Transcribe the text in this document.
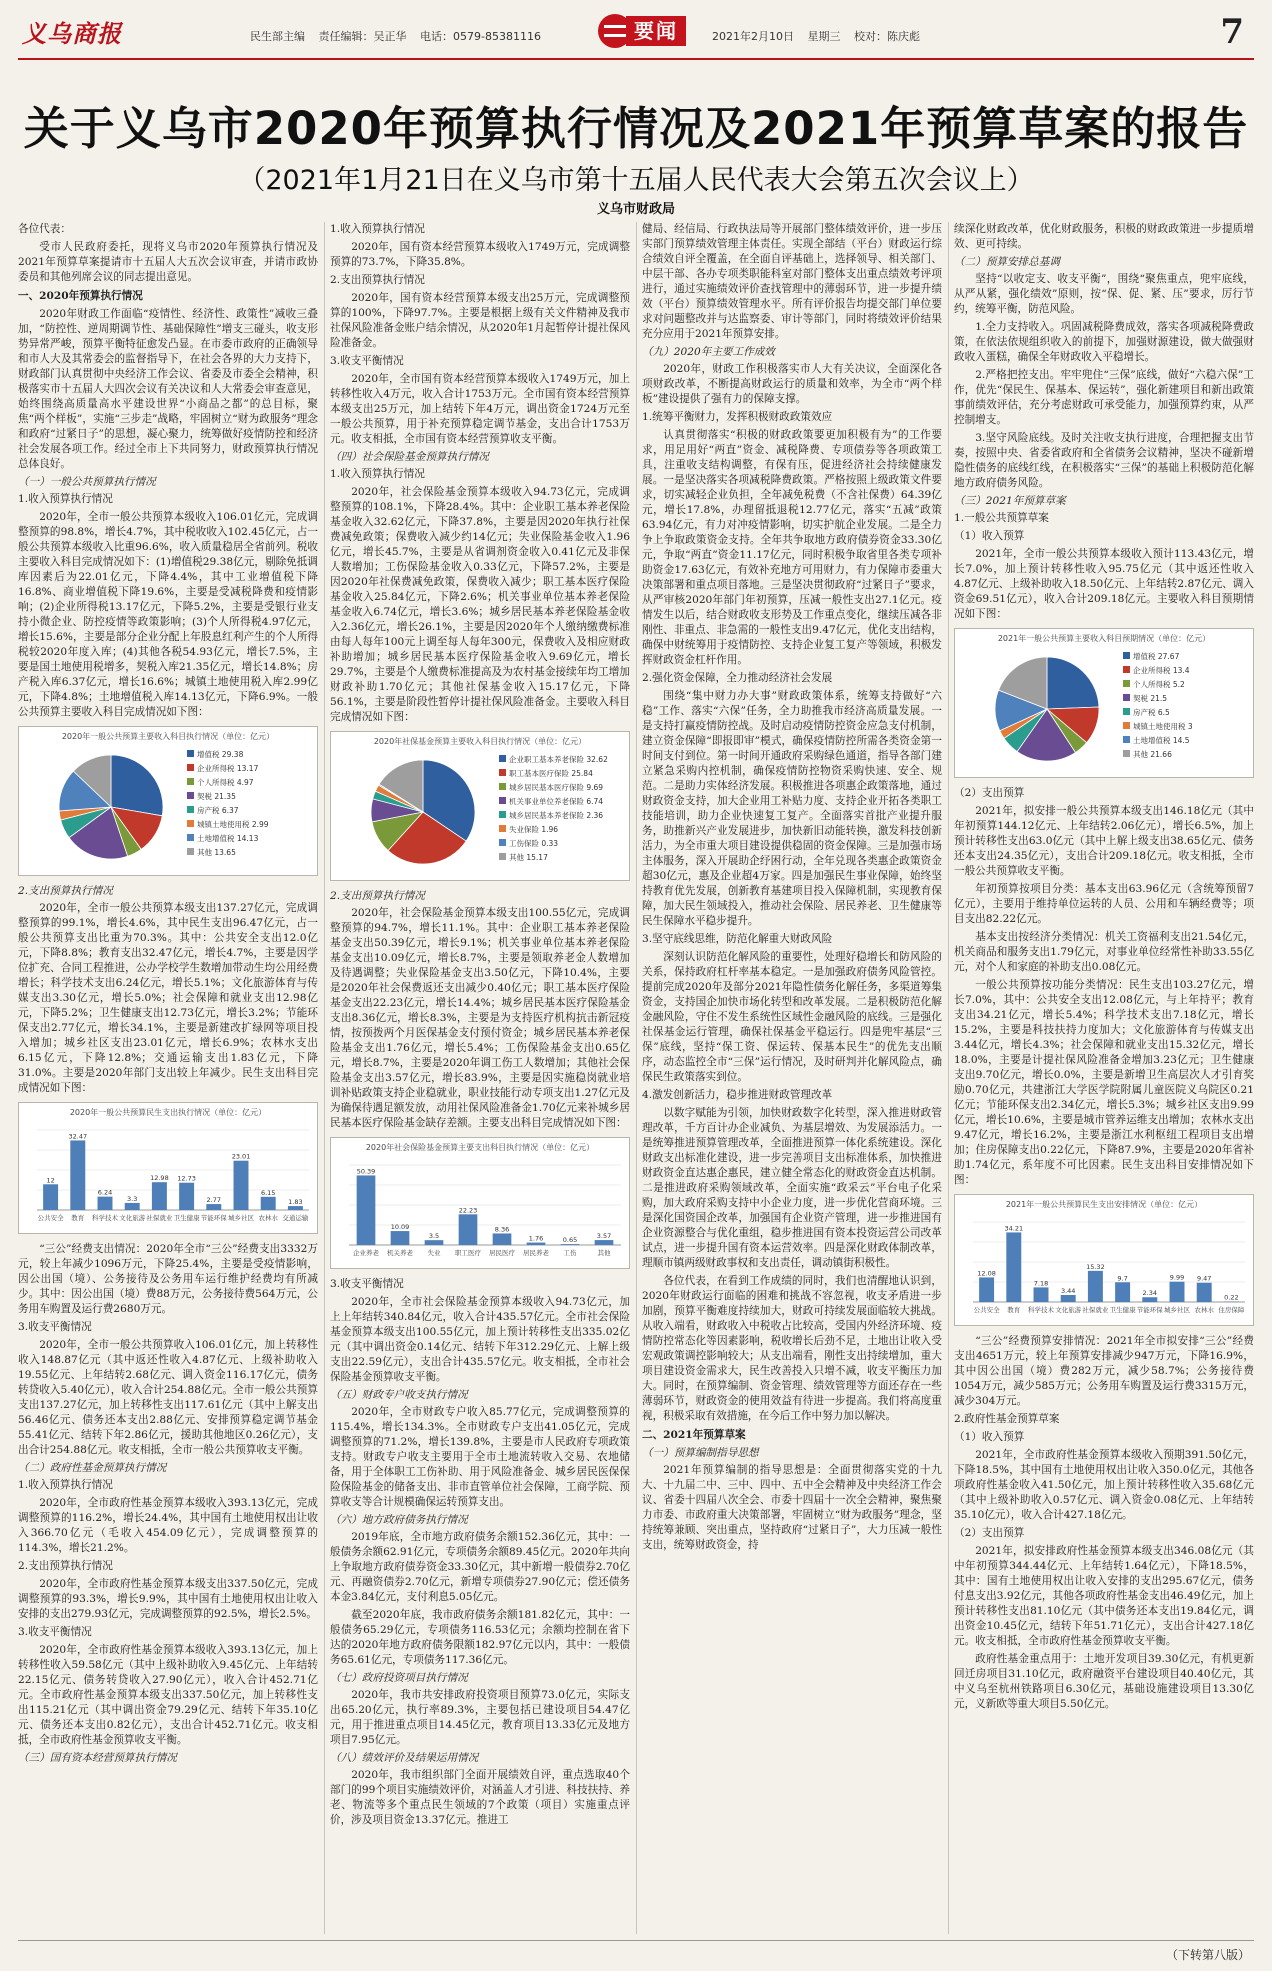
义乌商报	民生部主编 责任编辑：吴正华 电话：0579-85381116	要闻	2021年2月10日 星期三 校对：陈庆彪	7
关于义乌市2020年预算执行情况及2021年预算草案的报告
（2021年1月21日在义乌市第十五届人民代表大会第五次会议上）
义乌市财政局

各位代表：

受市人民政府委托，现将义乌市2020年预算执行情况及2021年预算草案提请市十五届人大五次会议审查，并请市政协委员和其他列席会议的同志提出意见。

一、2020年预算执行情况

2020年财政工作面临“疫情性、经济性、政策性”减收三叠加，“防控性、逆周期调节性、基础保障性”增支三碰头，收支形势异常严峻，预算平衡特征愈发凸显。在市委市政府的正确领导和市人大及其常委会的监督指导下，在社会各界的大力支持下，财政部门认真贯彻中央经济工作会议、省委及市委全会精神，积极落实市十五届人大四次会议有关决议和人大常委会审查意见，始终围绕高质量高水平建设世界“小商品之都”的总目标，聚焦“两个样板”，实施“三步走”战略，牢固树立“财为政服务”理念和政府“过紧日子”的思想，凝心聚力，统筹做好疫情防控和经济社会发展各项工作。经过全市上下共同努力，财政预算执行情况总体良好。

（一）一般公共预算执行情况

1.收入预算执行情况

2020年，全市一般公共预算本级收入106.01亿元，完成调整预算的98.8%，增长4.7%，其中税收收入102.45亿元，占一般公共预算本级收入比重96.6%，收入质量稳居全省前列。税收主要收入科目完成情况如下：(1)增值税29.38亿元，剔除免抵调库因素后为22.01亿元，下降4.4%，其中工业增值税下降16.8%、商业增值税下降19.6%，主要是受减税降费和疫情影响；(2)企业所得税13.17亿元，下降5.2%，主要是受银行业支持小微企业、防控疫情等政策影响；(3)个人所得税4.97亿元，增长15.6%，主要是部分企业分配上年股息红利产生的个人所得税较2020年度入库；(4)其他各税54.93亿元，增长7.5%，主要是国土地使用税增多，契税入库21.35亿元，增长14.8%；房产税入库6.37亿元，增长16.6%；城镇土地使用税入库2.99亿元，下降4.8%；土地增值税入库14.13亿元，下降6.9%。一般公共预算主要收入科目完成情况如下图：

2020年一般公共预算主要收入科目执行情况（单位：亿元）
增值税 29.38
企业所得税 13.17
个人所得税 4.97
契税 21.35
房产税 6.37
城镇土地使用税 2.99
土地增值税 14.13
其他 13.65
2.支出预算执行情况

2020年，全市一般公共预算本级支出137.27亿元，完成调整预算的99.1%，增长4.6%，其中民生支出96.47亿元，占一般公共预算支出比重为70.3%。其中：公共安全支出12.0亿元，下降8.8%；教育支出32.47亿元，增长4.7%，主要是因学位扩充、合同工程推进，公办学校学生数增加带动生均公用经费增长；科学技术支出6.24亿元，增长5.1%；文化旅游体育与传媒支出3.30亿元，增长5.0%；社会保障和就业支出12.98亿元，下降5.2%；卫生健康支出12.73亿元，增长3.2%；节能环保支出2.77亿元，增长34.1%，主要是新建改扩绿网等项目投入增加；城乡社区支出23.01亿元，增长6.9%；农林水支出6.15亿元，下降12.8%；交通运输支出1.83亿元，下降31.0%。主要是2020年部门支出较上年减少。民生支出科目完成情况如下图：

2020年一般公共预算民生支出执行情况（单位：亿元）
12
公共安全
32.47
教育
6.24
科学技术
3.3
文化旅游
12.98
社保就业
12.73
卫生健康
2.77
节能环保
23.01
城乡社区
6.15
农林水
1.83
交通运输

“三公”经费支出情况：2020年全市“三公”经费支出3332万元，较上年减少1096万元，下降25.4%，主要是受疫情影响，因公出国（境）、公务接待及公务用车运行维护经费均有所减少。其中：因公出国（境）费88万元，公务接待费564万元，公务用车购置及运行费2680万元。

3.收支平衡情况

2020年，全市一般公共预算收入106.01亿元，加上转移性收入148.87亿元（其中返还性收入4.87亿元、上级补助收入19.55亿元、上年结转2.68亿元、调入资金116.17亿元，债务转贷收入5.40亿元），收入合计254.88亿元。全市一般公共预算支出137.27亿元，加上转移性支出117.61亿元（其中上解支出56.46亿元、债务还本支出2.88亿元、安排预算稳定调节基金55.41亿元、结转下年2.86亿元，援助其他地区0.26亿元），支出合计254.88亿元。收支相抵，全市一般公共预算收支平衡。

（二）政府性基金预算执行情况

1.收入预算执行情况

2020年，全市政府性基金预算本级收入393.13亿元，完成调整预算的116.2%，增长24.4%，其中国有土地使用权出让收入366.70亿元（毛收入454.09亿元），完成调整预算的114.3%，增长21.2%。

2.支出预算执行情况

2020年，全市政府性基金预算本级支出337.50亿元，完成调整预算的93.3%，增长9.9%，其中国有土地使用权出让收入安排的支出279.93亿元，完成调整预算的92.5%，增长2.5%。

3.收支平衡情况

2020年，全市政府性基金预算本级收入393.13亿元，加上转移性收入59.58亿元（其中上级补助收入9.45亿元、上年结转22.15亿元、债务转贷收入27.90亿元），收入合计452.71亿元。全市政府性基金预算本级支出337.50亿元，加上转移性支出115.21亿元（其中调出资金79.29亿元、结转下年35.10亿元、债务还本支出0.82亿元），支出合计452.71亿元。收支相抵，全市政府性基金预算收支平衡。

（三）国有资本经营预算执行情况

1.收入预算执行情况

2020年，国有资本经营预算本级收入1749万元，完成调整预算的73.7%，下降35.8%。

2.支出预算执行情况

2020年，国有资本经营预算本级支出25万元，完成调整预算的100%，下降97.7%。主要是根据上级有关文件精神及我市社保风险准备金账户结余情况，从2020年1月起暂停计提社保风险准备金。

3.收支平衡情况

2020年，全市国有资本经营预算本级收入1749万元，加上转移性收入4万元，收入合计1753万元。全市国有资本经营预算本级支出25万元，加上结转下年4万元，调出资金1724万元至一般公共预算，用于补充预算稳定调节基金，支出合计1753万元。收支相抵，全市国有资本经营预算收支平衡。

（四）社会保险基金预算执行情况

1.收入预算执行情况

2020年，社会保险基金预算本级收入94.73亿元，完成调整预算的108.1%，下降28.4%。其中：企业职工基本养老保险基金收入32.62亿元，下降37.8%，主要是因2020年执行社保费减免政策；保费收入减少约14亿元；失业保险基金收入1.96亿元，增长45.7%，主要是从省调剂资金收入0.41亿元及非保人数增加；工伤保险基金收入0.33亿元，下降57.2%，主要是因2020年社保费减免政策，保费收入减少；职工基本医疗保险基金收入25.84亿元，下降2.6%；机关事业单位基本养老保险基金收入6.74亿元，增长3.6%；城乡居民基本养老保险基金收入2.36亿元，增长26.1%，主要是因2020年个人缴纳缴费标准由每人每年100元上调至每人每年300元，保费收入及相应财政补助增加；城乡居民基本医疗保险基金收入9.69亿元，增长29.7%，主要是个人缴费标准提高及为农村基金接续年均工增加财政补助1.70亿元；其他社保基金收入15.17亿元，下降56.1%，主要是阶段性暂停计提社保风险准备金。主要收入科目完成情况如下图：

2020年社保基金预算主要收入科目执行情况（单位：亿元）
企业职工基本养老保险 32.62
职工基本医疗保险 25.84
城乡居民基本医疗保险 9.69
机关事业单位养老保险 6.74
城乡居民基本养老保险 2.36
失业保险 1.96
工伤保险 0.33
其他 15.17
2.支出预算执行情况

2020年，社会保险基金预算本级支出100.55亿元，完成调整预算的94.7%，增长11.1%。其中：企业职工基本养老保险基金支出50.39亿元，增长9.1%；机关事业单位基本养老保险基金支出10.09亿元，增长8.7%，主要是领取养老金人数增加及待遇调整；失业保险基金支出3.50亿元，下降10.4%，主要是2020年社会保费返还支出减少0.40亿元；职工基本医疗保险基金支出22.23亿元，增长14.4%；城乡居民基本医疗保险基金支出8.36亿元，增长8.3%，主要是为支持医疗机构抗击新冠疫情，按预拨两个月医保基金支付预付资金；城乡居民基本养老保险基金支出1.76亿元，增长5.4%；工伤保险基金支出0.65亿元，增长8.7%，主要是2020年调工伤工人数增加；其他社会保险基金支出3.57亿元，增长83.9%，主要是因实施稳岗就业培训补贴政策支持企业稳就业，职业技能行动专项支出1.27亿元及为确保待遇足额发放，动用社保风险准备金1.70亿元来补城乡居民基本医疗保险基金缺存差额。主要支出科目完成情况如下图：

2020年社会保险基金预算主要支出科目执行情况（单位：亿元）
50.39
企业养老
10.09
机关养老
3.5
失业
22.23
职工医疗
8.36
居民医疗
1.76
居民养老
0.65
工伤
3.57
其他

3.收支平衡情况

2020年，全市社会保险基金预算本级收入94.73亿元，加上上年结转340.84亿元，收入合计435.57亿元。全市社会保险基金预算本级支出100.55亿元，加上预计转移性支出335.02亿元（其中调出资金0.14亿元、结转下年312.29亿元、上解上级支出22.59亿元），支出合计435.57亿元。收支相抵，全市社会保险基金预算收支平衡。

（五）财政专户收支执行情况

2020年，全市财政专户收入85.77亿元，完成调整预算的115.4%，增长134.3%。全市财政专户支出41.05亿元，完成调整预算的71.2%，增长139.8%，主要是市人民政府专项政策支持。财政专户收支主要用于全市土地流转收入交易、农地储备，用于全体职工工伤补助、用于风险准备金、城乡居民医保保险保险基金的储备支出、非市直管单位社会保障，工商学院、预算收支等合计规模确保运转预算支出。

（六）地方政府债务执行情况

2019年底，全市地方政府债务余额152.36亿元，其中：一般债务余额62.91亿元，专项债务余额89.45亿元。2020年共向上争取地方政府债券资金33.30亿元，其中新增一般债券2.70亿元、再融资债券2.70亿元，新增专项债券27.90亿元；偿还债务本金3.84亿元，支付利息5.05亿元。

截至2020年底，我市政府债务余额181.82亿元，其中：一般债务65.29亿元，专项债务116.53亿元；余额均控制在省下达的2020年地方政府债务限额182.97亿元以内，其中：一般债务65.61亿元，专项债务117.36亿元。

（七）政府投资项目执行情况

2020年，我市共安排政府投资项目预算73.0亿元，实际支出65.20亿元，执行率89.3%，主要包括已建设项目54.47亿元，用于推进重点项目14.45亿元，教育项目13.33亿元及地方项目7.95亿元。

（八）绩效评价及结果运用情况

2020年，我市组织部门全面开展绩效自评，重点选取40个部门的99个项目实施绩效评价，对涵盖人才引进、科技扶持、养老、物流等多个重点民生领域的7个政策（项目）实施重点评价，涉及项目资金13.37亿元。推进工

健局、经信局、行政执法局等开展部门整体绩效评价，进一步压实部门预算绩效管理主体责任。实现全部结（平台）财政运行综合绩效自评全覆盖，在全面自评基础上，选择领导、相关部门、中层干部、各办专项类职能科室对部门整体支出重点绩效考评项进行，通过实施绩效评价查找管理中的薄弱环节，进一步提升绩效（平台）预算绩效管理水平。所有评价报告均提交部门单位要求对问题整改并与达监察委、审计等部门，同时将绩效评价结果充分应用于2021年预算安排。

（九）2020年主要工作成效

2020年，财政工作积极落实市人大有关决议，全面深化各项财政改革，不断提高财政运行的质量和效率，为全市“两个样板”建设提供了强有力的保障支撑。

1.统筹平衡财力，发挥积极财政政策效应

认真贯彻落实“积极的财政政策要更加积极有为”的工作要求，用足用好“两直”资金、减税降费、专项债券等各项政策工具，注重收支结构调整，有保有压，促进经济社会持续健康发展。一是坚决落实各项减税降费政策。严格按照上级政策文件要求，切实减轻企业负担，全年减免税费（不含社保费）64.39亿元，增长17.8%，办理留抵退税12.77亿元，落实“五减”政策63.94亿元，有力对冲疫情影响，切实护航企业发展。二是全力争上争取政策资金支持。全年共争取地方政府债券资金33.30亿元，争取“两直”资金11.17亿元，同时积极争取省里各类专项补助资金17.63亿元，有效补充地方可用财力，有力保障市委重大决策部署和重点项目落地。三是坚决贯彻政府“过紧日子”要求，从严审核2020年部门年初预算，压减一般性支出27.1亿元。疫情发生以后，结合财政收支形势及工作重点变化，继续压减各非刚性、非重点、非急需的一般性支出9.47亿元，优化支出结构，确保中财统筹用于疫情防控、支持企业复工复产等领域，积极发挥财政资金杠杆作用。

2.强化资金保障，全力推动经济社会发展

围绕“集中财力办大事”财政政策体系，统筹支持做好“六稳”工作、落实“六保”任务，全力助推我市经济高质量发展。一是支持打赢疫情防控战。及时启动疫情防控资金应急支付机制，建立资金保障“即报即审”模式，确保疫情防控所需各类资金第一时间支付到位。第一时间开通政府采购绿色通道，指导各部门建立紧急采购内控机制，确保疫情防控物资采购快速、安全、规范。二是助力实体经济发展。积极推进各项惠企政策落地，通过财政资金支持，加大企业用工补贴力度、支持企业开拓各类职工技能培训，助力企业快速复工复产。全面落实首批产业提升服务，助推新兴产业发展进步，加快新旧动能转换，激发科技创新活力，为全市重大项目建设提供稳固的资金保障。三是加强市场主体服务，深入开展助企纾困行动，全年兑现各类惠企政策资金超30亿元，惠及企业超4万家。四是加强民生事业保障，始终坚持教育优先发展，创新教育基建项目投入保障机制，实现教育保障，加大民生领域投入，推动社会保险、居民养老、卫生健康等民生保障水平稳步提升。

3.坚守底线思维，防范化解重大财政风险

深刻认识防范化解风险的重要性，处理好稳增长和防风险的关系，保持政府杠杆率基本稳定。一是加强政府债务风险管控。提前完成2020年及部分2021年隐性债务化解任务，多渠道筹集资金，支持国企加快市场化转型和改革发展。二是积极防范化解金融风险，守住不发生系统性区域性金融风险的底线。三是强化社保基金运行管理，确保社保基金平稳运行。四是兜牢基层“三保”底线，坚持“保工资、保运转、保基本民生”的优先支出顺序，动态监控全市“三保”运行情况，及时研判并化解风险点，确保民生政策落实到位。

4.激发创新活力，稳步推进财政管理改革

以数字赋能为引领，加快财政数字化转型，深入推进财政管理改革，千方百计办企业减负、为基层增效、为发展添活力。一是统筹推进预算管理改革，全面推进预算一体化系统建设。深化财政支出标准化建设，进一步完善项目支出标准体系，加快推进财政资金直达惠企惠民，建立健全常态化的财政资金直达机制。二是推进政府采购领域改革，全面实施“政采云”平台电子化采购，加大政府采购支持中小企业力度，进一步优化营商环境。三是深化国资国企改革，加强国有企业资产管理，进一步推进国有企业资源整合与优化重组，稳步推进国有资本投资运营公司改革试点，进一步提升国有资本运营效率。四是深化财政体制改革，理顺市镇两级财政事权和支出责任，调动镇街积极性。

各位代表，在看到工作成绩的同时，我们也清醒地认识到，2020年财政运行面临的困难和挑战不容忽视，收支矛盾进一步加剧，预算平衡难度持续加大，财政可持续发展面临较大挑战。从收入端看，财政收入中税收占比较高，受国内外经济环境、疫情防控常态化等因素影响，税收增长后劲不足，土地出让收入受宏观政策调控影响较大；从支出端看，刚性支出持续增加，重大项目建设资金需求大，民生改善投入只增不减，收支平衡压力加大。同时，在预算编制、资金管理、绩效管理等方面还存在一些薄弱环节，财政资金的使用效益有待进一步提高。我们将高度重视，积极采取有效措施，在今后工作中努力加以解决。

二、2021年预算草案
（一）预算编制指导思想

2021年预算编制的指导思想是：全面贯彻落实党的十九大、十九届二中、三中、四中、五中全会精神及中央经济工作会议、省委十四届八次全会、市委十四届十一次全会精神，聚焦聚力市委、市政府重大决策部署，牢固树立“财为政服务”理念，坚持统筹兼顾、突出重点，坚持政府“过紧日子”，大力压减一般性支出，统筹财政资金，持

续深化财政改革，优化财政服务，积极的财政政策进一步提质增效、更可持续。

（二）预算安排总基调

坚持“以收定支、收支平衡”，围绕“聚焦重点，兜牢底线，从严从紧，强化绩效”原则，按“保、促、紧、压”要求，厉行节约，统筹平衡，防范风险。

1.全力支持收入。巩固减税降费成效，落实各项减税降费政策，在依法依规组织收入的前提下，加强财源建设，做大做强财政收入蛋糕，确保全年财政收入平稳增长。

2.严格把控支出。牢牢兜住“三保”底线，做好“六稳六保”工作，优先“保民生、保基本、保运转”，强化新建项目和新出政策事前绩效评估，充分考虑财政可承受能力，加强预算约束，从严控制增支。

3.坚守风险底线。及时关注收支执行进度，合理把握支出节奏，按照中央、省委省政府和全省债务会议精神，坚决不碰新增隐性债务的底线红线，在积极落实“三保”的基础上积极防范化解地方政府债务风险。

（三）2021年预算草案

1.一般公共预算草案

（1）收入预算

2021年，全市一般公共预算本级收入预计113.43亿元，增长7.0%，加上预计转移性收入95.75亿元（其中返还性收入4.87亿元、上级补助收入18.50亿元、上年结转2.87亿元、调入资金69.51亿元），收入合计209.18亿元。主要收入科目预期情况如下图：

2021年一般公共预算主要收入科目预期情况（单位：亿元）
增值税 27.67
企业所得税 13.4
个人所得税 5.2
契税 21.5
房产税 6.5
城镇土地使用税 3
土地增值税 14.5
其他 21.66

（2）支出预算

2021年，拟安排一般公共预算本级支出146.18亿元（其中年初预算144.12亿元、上年结转2.06亿元），增长6.5%，加上预计转移性支出63.0亿元（其中上解上级支出38.65亿元、债务还本支出24.35亿元），支出合计209.18亿元。收支相抵，全市一般公共预算收支平衡。

年初预算按项目分类：基本支出63.96亿元（含统筹预留7亿元），主要用于维持单位运转的人员、公用和车辆经费等；项目支出82.22亿元。

基本支出按经济分类情况：机关工资福利支出21.54亿元，机关商品和服务支出1.79亿元，对事业单位经常性补助33.55亿元，对个人和家庭的补助支出0.08亿元。

一般公共预算按功能分类情况：民生支出103.27亿元，增长7.0%，其中：公共安全支出12.08亿元，与上年持平；教育支出34.21亿元，增长5.4%；科学技术支出7.18亿元，增长15.2%，主要是科技扶持力度加大；文化旅游体育与传媒支出3.44亿元，增长4.3%；社会保障和就业支出15.32亿元，增长18.0%，主要是计提社保风险准备金增加3.23亿元；卫生健康支出9.70亿元，增长0.0%，主要是新增卫生高层次人才引育奖励0.70亿元，共建浙江大学医学院附属儿童医院义乌院区0.21亿元；节能环保支出2.34亿元，增长5.3%；城乡社区支出9.99亿元，增长10.6%，主要是城市管养运维支出增加；农林水支出9.47亿元，增长16.2%，主要是浙江水利枢纽工程项目支出增加；住房保障支出0.22亿元，下降87.9%，主要是2020年省补助1.74亿元，系年度不可比因素。民生支出科目安排情况如下图：

2021年一般公共预算民生支出安排情况（单位：亿元）
12.08
公共安全
34.21
教育
7.18
科学技术
3.44
文化旅游
15.32
社保就业
9.7
卫生健康
2.34
节能环保
9.99
城乡社区
9.47
农林水
0.22
住房保障

“三公”经费预算安排情况：2021年全市拟安排“三公”经费支出4651万元，较上年预算安排减少947万元，下降16.9%，其中因公出国（境）费282万元，减少58.7%；公务接待费1054万元，减少585万元；公务用车购置及运行费3315万元，减少304万元。

2.政府性基金预算草案

（1）收入预算

2021年，全市政府性基金预算本级收入预期391.50亿元，下降18.5%，其中国有土地使用权出让收入350.0亿元，其他各项政府性基金收入41.50亿元，加上预计转移性收入35.68亿元（其中上级补助收入0.57亿元、调入资金0.08亿元、上年结转35.10亿元），收入合计427.18亿元。

（2）支出预算

2021年，拟安排政府性基金预算本级支出346.08亿元（其中年初预算344.44亿元、上年结转1.64亿元），下降18.5%，其中：国有土地使用权出让收入安排的支出295.67亿元，债务付息支出3.92亿元，其他各项政府性基金支出46.49亿元，加上预计转移性支出81.10亿元（其中债务还本支出19.84亿元，调出资金10.45亿元，结转下年51.71亿元），支出合计427.18亿元。收支相抵，全市政府性基金预算收支平衡。

政府性基金重点用于：土地开发项目39.30亿元，有机更新回迁房项目31.10亿元，政府融资平台建设项目40.40亿元，其中义乌至杭州铁路项目6.30亿元，基础设施建设项目13.30亿元，义新欧等重大项目5.50亿元。

（下转第八版）
